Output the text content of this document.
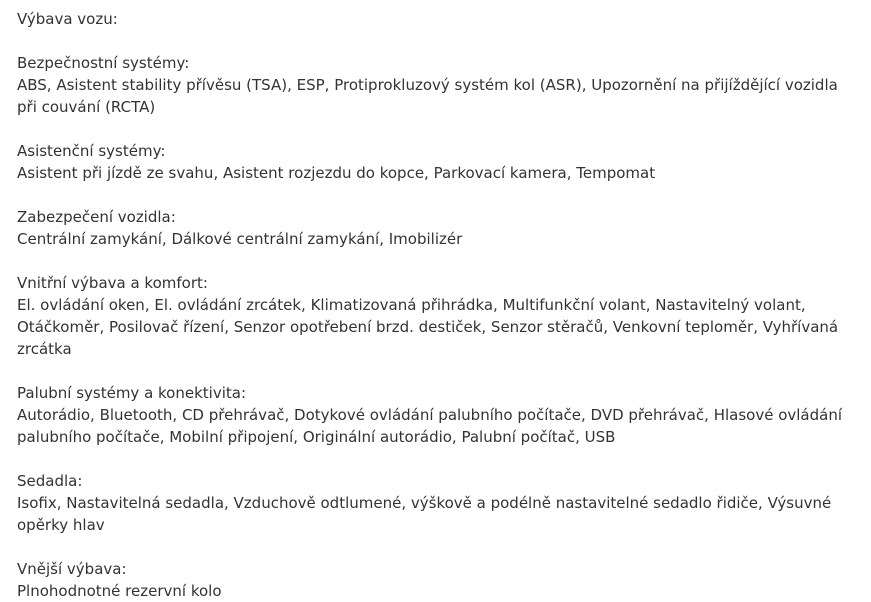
Výbava vozu:

Bezpečnostní systémy:

ABS, Asistent stability přívěsu (TSA), ESP, Protiprokluzový systém kol (ASR), Upozornění na přijíždějící vozidla při couvání (RCTA)

Asistenční systémy:

Asistent při jízdě ze svahu, Asistent rozjezdu do kopce, Parkovací kamera, Tempomat

Zabezpečení vozidla:

Centrální zamykání, Dálkové centrální zamykání, Imobilizér

Vnitřní výbava a komfort:

El. ovládání oken, El. ovládání zrcátek, Klimatizovaná přihrádka, Multifunkční volant, Nastavitelný volant, Otáčkoměr, Posilovač řízení, Senzor opotřebení brzd. destiček, Senzor stěračů, Venkovní teploměr, Vyhřívaná zrcátka

Palubní systémy a konektivita:

Autorádio, Bluetooth, CD přehrávač, Dotykové ovládání palubního počítače, DVD přehrávač, Hlasové ovládání palubního počítače, Mobilní připojení, Originální autorádio, Palubní počítač, USB

Sedadla:

Isofix, Nastavitelná sedadla, Vzduchově odtlumené, výškově a podélně nastavitelné sedadlo řidiče, Výsuvné opěrky hlav

Vnější výbava:

Plnohodnotné rezervní kolo
